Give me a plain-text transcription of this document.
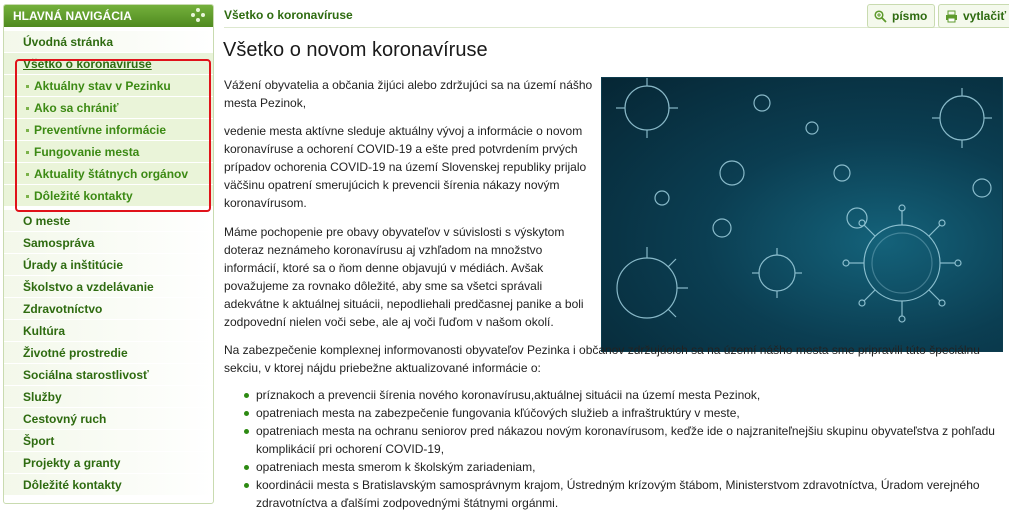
HLAVNÁ NAVIGÁCIA
Úvodná stránka
Všetko o koronavíruse
Aktuálny stav v Pezinku
Ako sa chrániť
Preventívne informácie
Fungovanie mesta
Aktuality štátnych orgánov
Dôležité kontakty
O meste
Samospráva
Úrady a inštitúcie
Školstvo a vzdelávanie
Zdravotníctvo
Kultúra
Životné prostredie
Sociálna starostlivosť
Služby
Cestovný ruch
Šport
Projekty a granty
Dôležité kontakty
Všetko o koronavíruse	písmo	vytlačiť
Všetko o novom koronavíruse

Vážení obyvatelia a občania žijúci alebo zdržujúci sa na území nášho mesta Pezinok,

vedenie mesta aktívne sleduje aktuálny vývoj a informácie o novom koronavíruse a ochorení COVID-19 a ešte pred potvrdením prvých prípadov ochorenia COVID-19 na území Slovenskej republiky prijalo väčšinu opatrení smerujúcich k prevencii šírenia nákazy novým koronavírusom.

Máme pochopenie pre obavy obyvateľov v súvislosti s výskytom doteraz neznámeho koronavírusu aj vzhľadom na množstvo informácií, ktoré sa o ňom denne objavujú v médiách. Avšak považujeme za rovnako dôležité, aby sme sa všetci správali adekvátne k aktuálnej situácii, nepodliehali predčasnej panike a boli zodpovední nielen voči sebe, ale aj voči ľuďom v našom okolí.

Na zabezpečenie komplexnej informovanosti obyvateľov Pezinka i občanov zdržujúcich sa na území nášho mesta sme pripravili túto špeciálnu sekciu, v ktorej nájdu priebežne aktualizované informácie o:

príznakoch a prevencii šírenia nového koronavírusu,aktuálnej situácii na území mesta Pezinok,
opatreniach mesta na zabezpečenie fungovania kľúčových služieb a infraštruktúry v meste,
opatreniach mesta na ochranu seniorov pred nákazou novým koronavírusom, keďže ide o najzraniteľnejšiu skupinu obyvateľstva z pohľadu komplikácií pri ochorení COVID-19,
opatreniach mesta smerom k školským zariadeniam,
koordinácii mesta s Bratislavským samosprávnym krajom, Ústredným krízovým štábom, Ministerstvom zdravotníctva, Úradom verejného zdravotníctva a ďalšími zodpovednými štátnymi orgánmi.
